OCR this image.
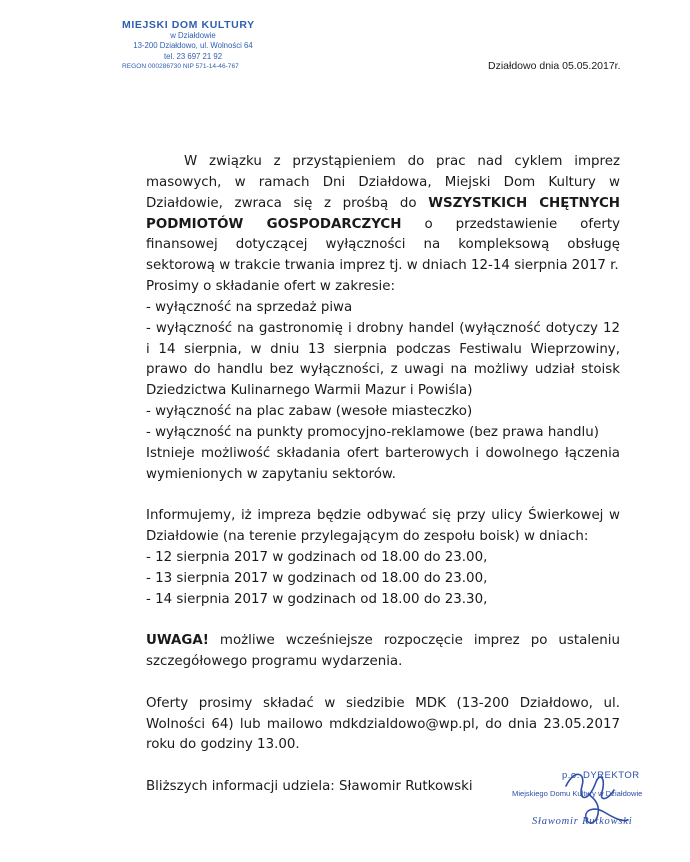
MIEJSKI DOM KULTURY
w Działdowie
13-200 Działdowo, ul. Wolności 64
tel. 23 697 21 92
REGON 000286730 NIP 571-14-46-767	Działdowo dnia 05.05.2017r.

W związku z przystąpieniem do prac nad cyklem imprez masowych, w ramach Dni Działdowa, Miejski Dom Kultury w Działdowie, zwraca się z prośbą do WSZYSTKICH CHĘTNYCH PODMIOTÓW GOSPODARCZYCH o przedstawienie oferty finansowej dotyczącej wyłączności na kompleksową obsługę sektorową w trakcie trwania imprez tj. w dniach 12-14 sierpnia 2017 r.

Prosimy o składanie ofert w zakresie:

- wyłączność na sprzedaż piwa

- wyłączność na gastronomię i drobny handel (wyłączność dotyczy 12 i 14 sierpnia, w dniu 13 sierpnia podczas Festiwalu Wieprzowiny, prawo do handlu bez wyłączności, z uwagi na możliwy udział stoisk Dziedzictwa Kulinarnego Warmii Mazur i Powiśla)

- wyłączność na plac zabaw (wesołe miasteczko)

- wyłączność na punkty promocyjno-reklamowe (bez prawa handlu)

Istnieje możliwość składania ofert barterowych i dowolnego łączenia wymienionych w zapytaniu sektorów.

Informujemy, iż impreza będzie odbywać się przy ulicy Świerkowej w Działdowie (na terenie przylegającym do zespołu boisk) w dniach:

- 12 sierpnia 2017 w godzinach od 18.00 do 23.00,

- 13 sierpnia 2017 w godzinach od 18.00 do 23.00,

- 14 sierpnia 2017 w godzinach od 18.00 do 23.30,

UWAGA! możliwe wcześniejsze rozpoczęcie imprez po ustaleniu szczegółowego programu wydarzenia.

Oferty prosimy składać w siedzibie MDK (13-200 Działdowo, ul. Wolności 64) lub mailowo mdkdzialdowo@wp.pl, do dnia 23.05.2017 roku do godziny 13.00.

Bliższych informacji udziela: Sławomir Rutkowski

p.o. DYREKTOR
Miejskiego Domu Kultury w Działdowie
Sławomir Rutkowski
